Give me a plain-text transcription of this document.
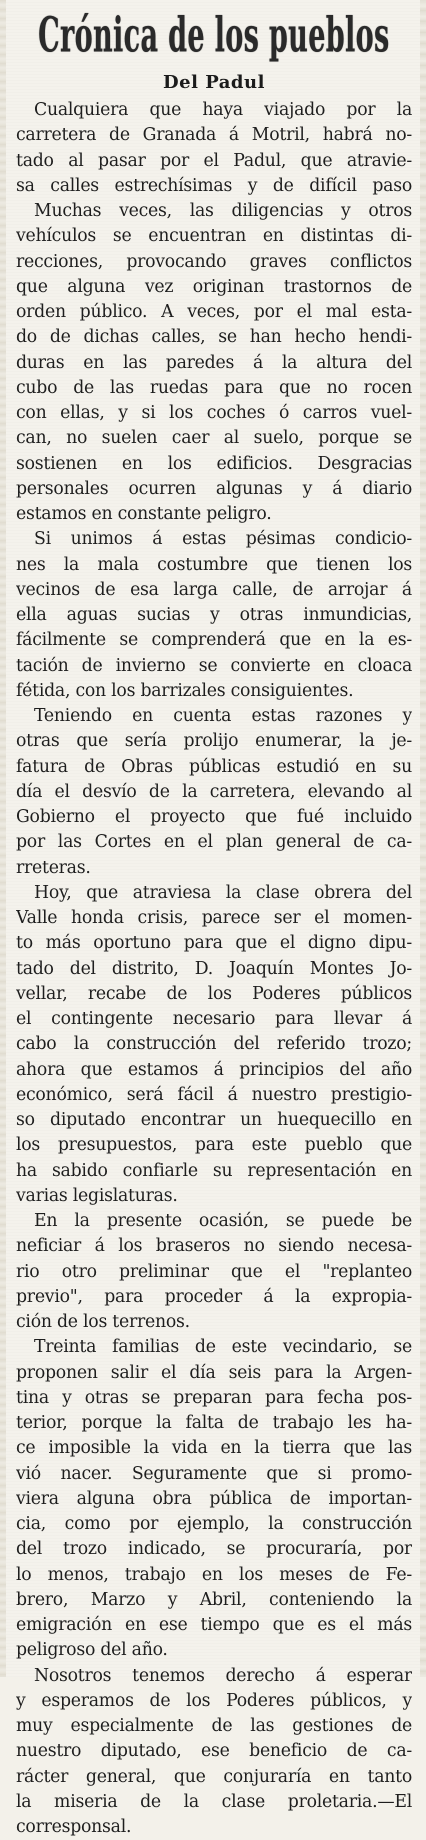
Crónica de los pueblos
Del Padul
Cualquiera que haya viajado por la
carretera de Granada á Motril, habrá no-
tado al pasar por el Padul, que atravie-
sa calles estrechísimas y de difícil paso
Muchas veces, las diligencias y otros
vehículos se encuentran en distintas di-
recciones, provocando graves conflictos
que alguna vez originan trastornos de
orden público. A veces, por el mal esta-
do de dichas calles, se han hecho hendi-
duras en las paredes á la altura del
cubo de las ruedas para que no rocen
con ellas, y si los coches ó carros vuel-
can, no suelen caer al suelo, porque se
sostienen en los edificios. Desgracias
personales ocurren algunas y á diario
estamos en constante peligro.
Si unimos á estas pésimas condicio-
nes la mala costumbre que tienen los
vecinos de esa larga calle, de arrojar á
ella aguas sucias y otras inmundicias,
fácilmente se comprenderá que en la es-
tación de invierno se convierte en cloaca
fétida, con los barrizales consiguientes.
Teniendo en cuenta estas razones y
otras que sería prolijo enumerar, la je-
fatura de Obras públicas estudió en su
día el desvío de la carretera, elevando al
Gobierno el proyecto que fué incluido
por las Cortes en el plan general de ca-
rreteras.
Hoy, que atraviesa la clase obrera del
Valle honda crisis, parece ser el momen-
to más oportuno para que el digno dipu-
tado del distrito, D. Joaquín Montes Jo-
vellar, recabe de los Poderes públicos
el contingente necesario para llevar á
cabo la construcción del referido trozo;
ahora que estamos á principios del año
económico, será fácil á nuestro prestigio-
so diputado encontrar un huequecillo en
los presupuestos, para este pueblo que
ha sabido confiarle su representación en
varias legislaturas.
En la presente ocasión, se puede be
neficiar á los braseros no siendo necesa-
rio otro preliminar que el "replanteo
previo", para proceder á la expropia-
ción de los terrenos.
Treinta familias de este vecindario, se
proponen salir el día seis para la Argen-
tina y otras se preparan para fecha pos-
terior, porque la falta de trabajo les ha-
ce imposible la vida en la tierra que las
vió nacer. Seguramente que si promo-
viera alguna obra pública de importan-
cia, como por ejemplo, la construcción
del trozo indicado, se procuraría, por
lo menos, trabajo en los meses de Fe-
brero, Marzo y Abril, conteniendo la
emigración en ese tiempo que es el más
peligroso del año.
Nosotros tenemos derecho á esperar
y esperamos de los Poderes públicos, y
muy especialmente de las gestiones de
nuestro diputado, ese beneficio de ca-
rácter general, que conjuraría en tanto
la miseria de la clase proletaria.—El
corresponsal.
